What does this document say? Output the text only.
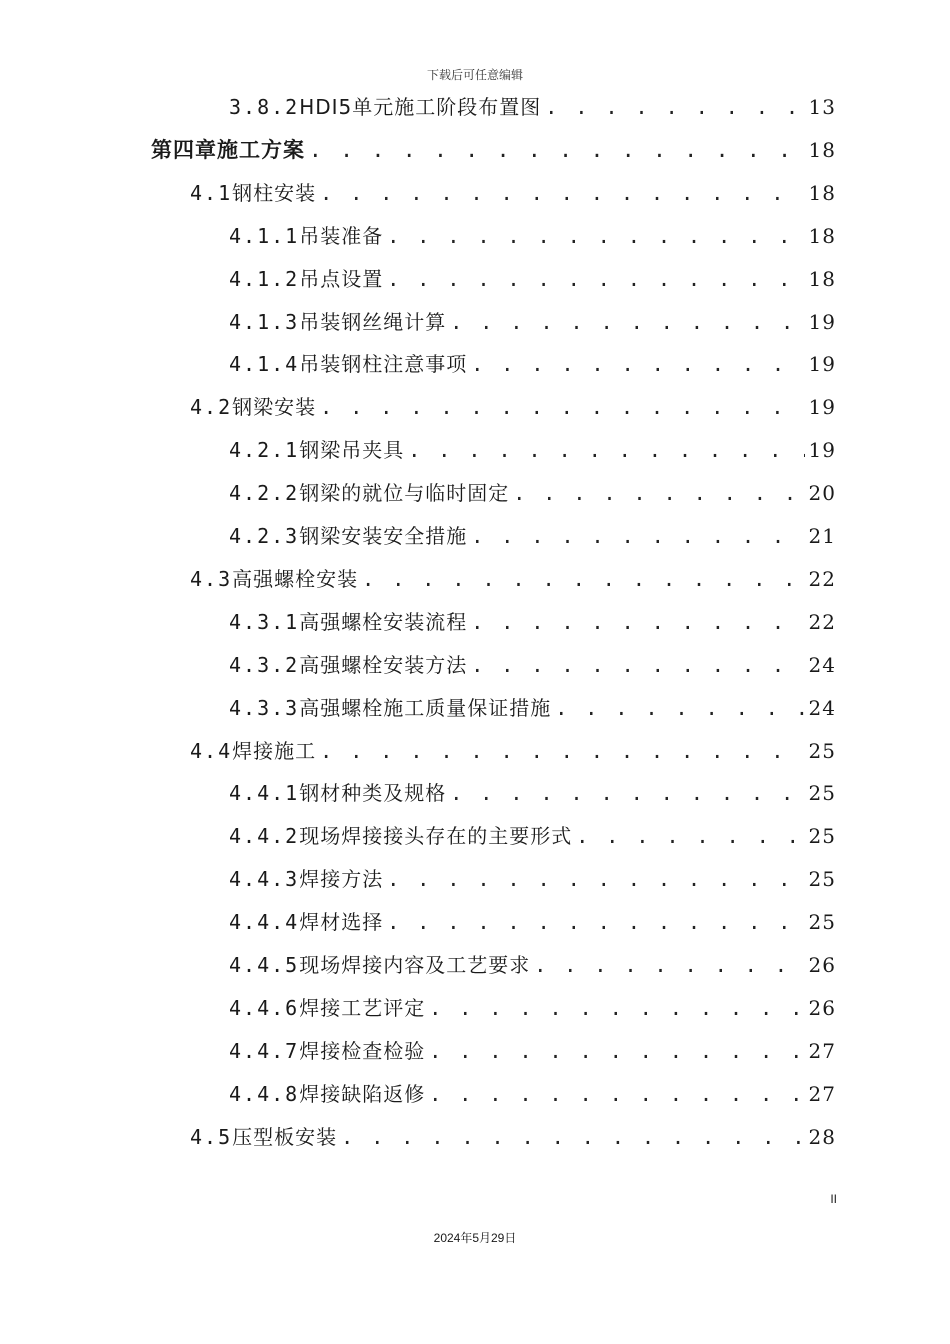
下载后可任意编辑
3.8.2 HDI5单元施工阶段布置图 . . .	13
第四章施工方案 . . .	18
4.1 钢柱安装 . . .	18
4.1.1 吊装准备 . . .	18
4.1.2 吊点设置 . . .	18
4.1.3 吊装钢丝绳计算 . . .	19
4.1.4 吊装钢柱注意事项 . . .	19
4.2 钢梁安装 . . .	19
4.2.1 钢梁吊夹具 . . .	19
4.2.2 钢梁的就位与临时固定 . . .	20
4.2.3 钢梁安装安全措施 . . .	21
4.3 高强螺栓安装 . . .	22
4.3.1 高强螺栓安装流程 . . .	22
4.3.2 高强螺栓安装方法 . . .	24
4.3.3 高强螺栓施工质量保证措施 . . .	24
4.4 焊接施工 . . .	25
4.4.1 钢材种类及规格 . . .	25
4.4.2 现场焊接接头存在的主要形式 . . .	25
4.4.3 焊接方法 . . .	25
4.4.4 焊材选择 . . .	25
4.4.5 现场焊接内容及工艺要求 . . .	26
4.4.6 焊接工艺评定 . . .	26
4.4.7 焊接检查检验 . . .	27
4.4.8 焊接缺陷返修 . . .	27
4.5 压型板安装 . . .	28
II
2024年5月29日
